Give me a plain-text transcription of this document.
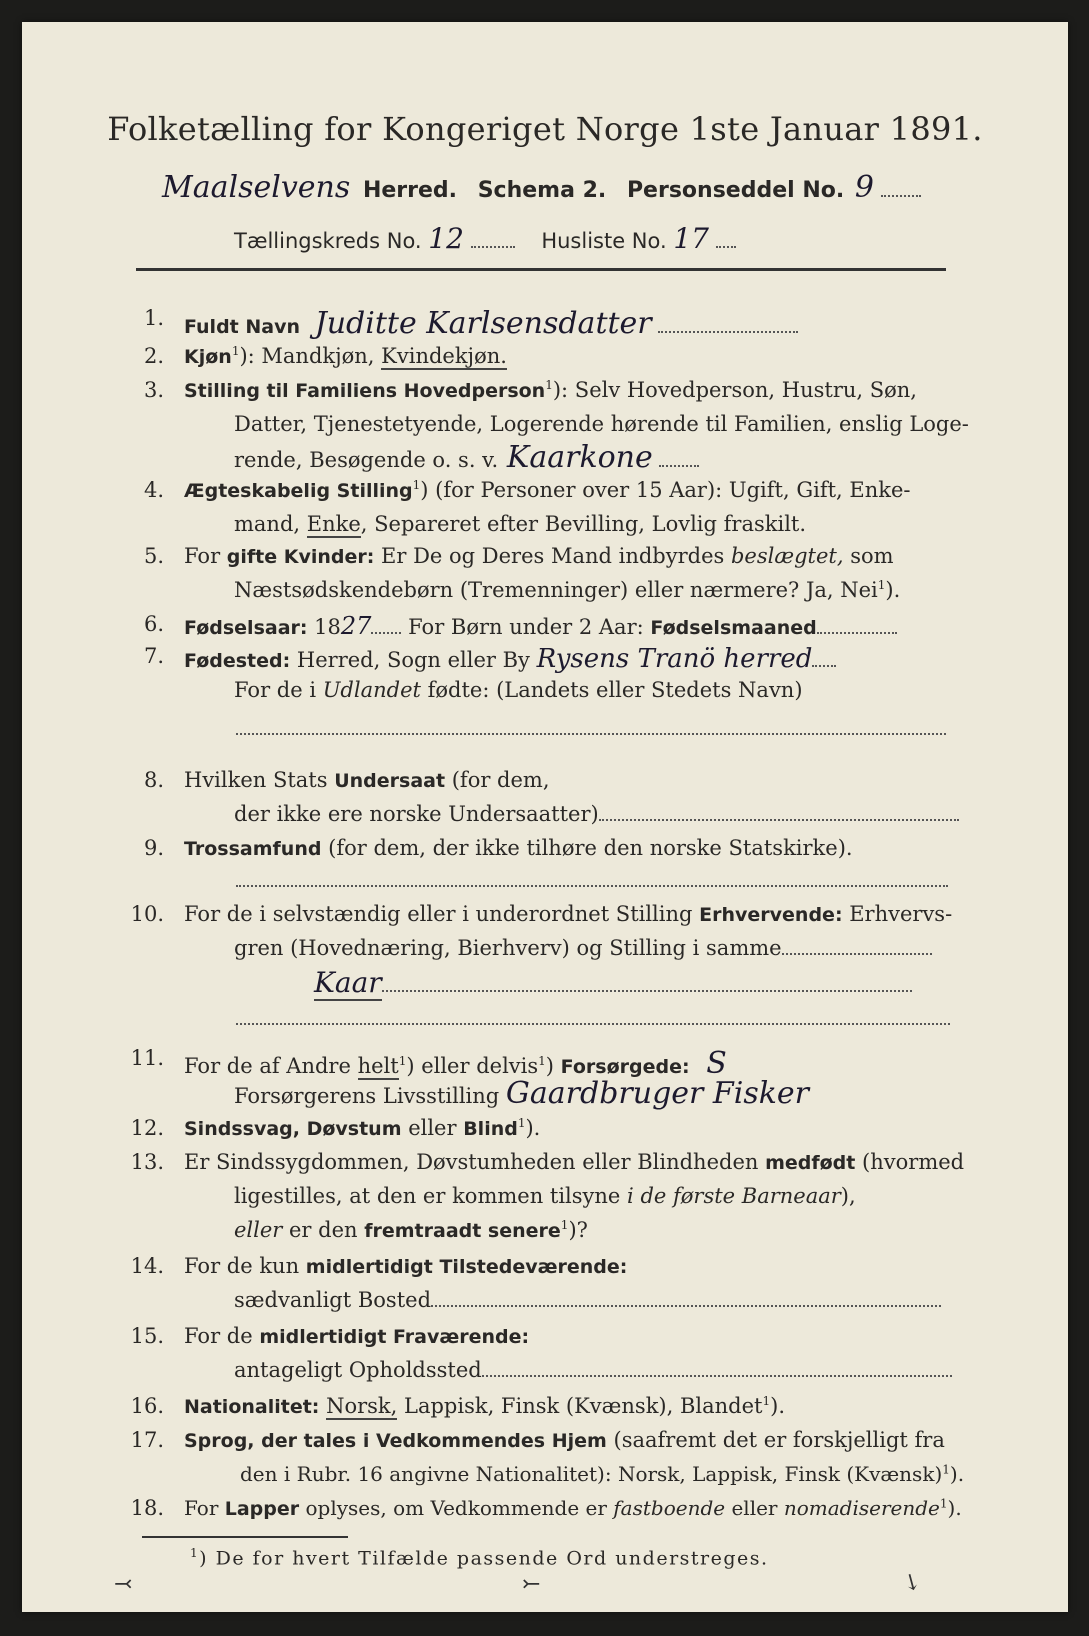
Folketælling for Kongeriget Norge 1ste Januar 1891.
Maalselvens Herred. Schema 2. Personseddel No. 9
Tællingskreds No. 12	Husliste No. 17
1. Fuldt Navn Juditte Karlsensdatter
2. Kjøn$^1$): Mandkjøn, Kvindekjøn.
3. Stilling til Familiens Hovedperson$^1$): Selv Hovedperson, Hustru, Søn,
Datter, Tjenestetyende, Logerende hørende til Familien, enslig Loge-
rende, Besøgende o. s. v. Kaarkone
4. Ægteskabelig Stilling$^1$) (for Personer over 15 Aar): Ugift, Gift, Enke-
mand, Enke, Separeret efter Bevilling, Lovlig fraskilt.
5. For gifte Kvinder: Er De og Deres Mand indbyrdes beslægtet, som
Næstsødskendebørn (Tremenninger) eller nærmere? Ja, Nei$^1$).
6. Fødselsaar: 1827 For Børn under 2 Aar: Fødselsmaaned
7. Fødested: Herred, Sogn eller By Rysens Tranö herred
For de i Udlandet fødte: (Landets eller Stedets Navn)
8. Hvilken Stats Undersaat (for dem,
der ikke ere norske Undersaatter)
9. Trossamfund (for dem, der ikke tilhøre den norske Statskirke).
10. For de i selvstændig eller i underordnet Stilling Erhvervende: Erhvervs-
gren (Hovednæring, Bierhverv) og Stilling i samme
Kaar
11. For de af Andre helt$^1$) eller delvis$^1$) Forsørgede: S
Forsørgerens Livsstilling Gaardbruger Fisker
12. Sindssvag, Døvstum eller Blind$^1$).
13. Er Sindssygdommen, Døvstumheden eller Blindheden medfødt (hvormed
ligestilles, at den er kommen tilsyne i de første Barneaar),
eller er den fremtraadt senere$^1$)?
14. For de kun midlertidigt Tilstedeværende:
sædvanligt Bosted
15. For de midlertidigt Fraværende:
antageligt Opholdssted
16. Nationalitet: Norsk, Lappisk, Finsk (Kvænsk), Blandet$^1$).
17. Sprog, der tales i Vedkommendes Hjem (saafremt det er forskjelligt fra
den i Rubr. 16 angivne Nationalitet): Norsk, Lappisk, Finsk (Kvænsk)$^1$).
18. For Lapper oplyses, om Vedkommende er fastboende eller nomadiserende$^1$).
$^1$) De for hvert Tilfælde passende Ord understreges.
⤙	⤚	↘
